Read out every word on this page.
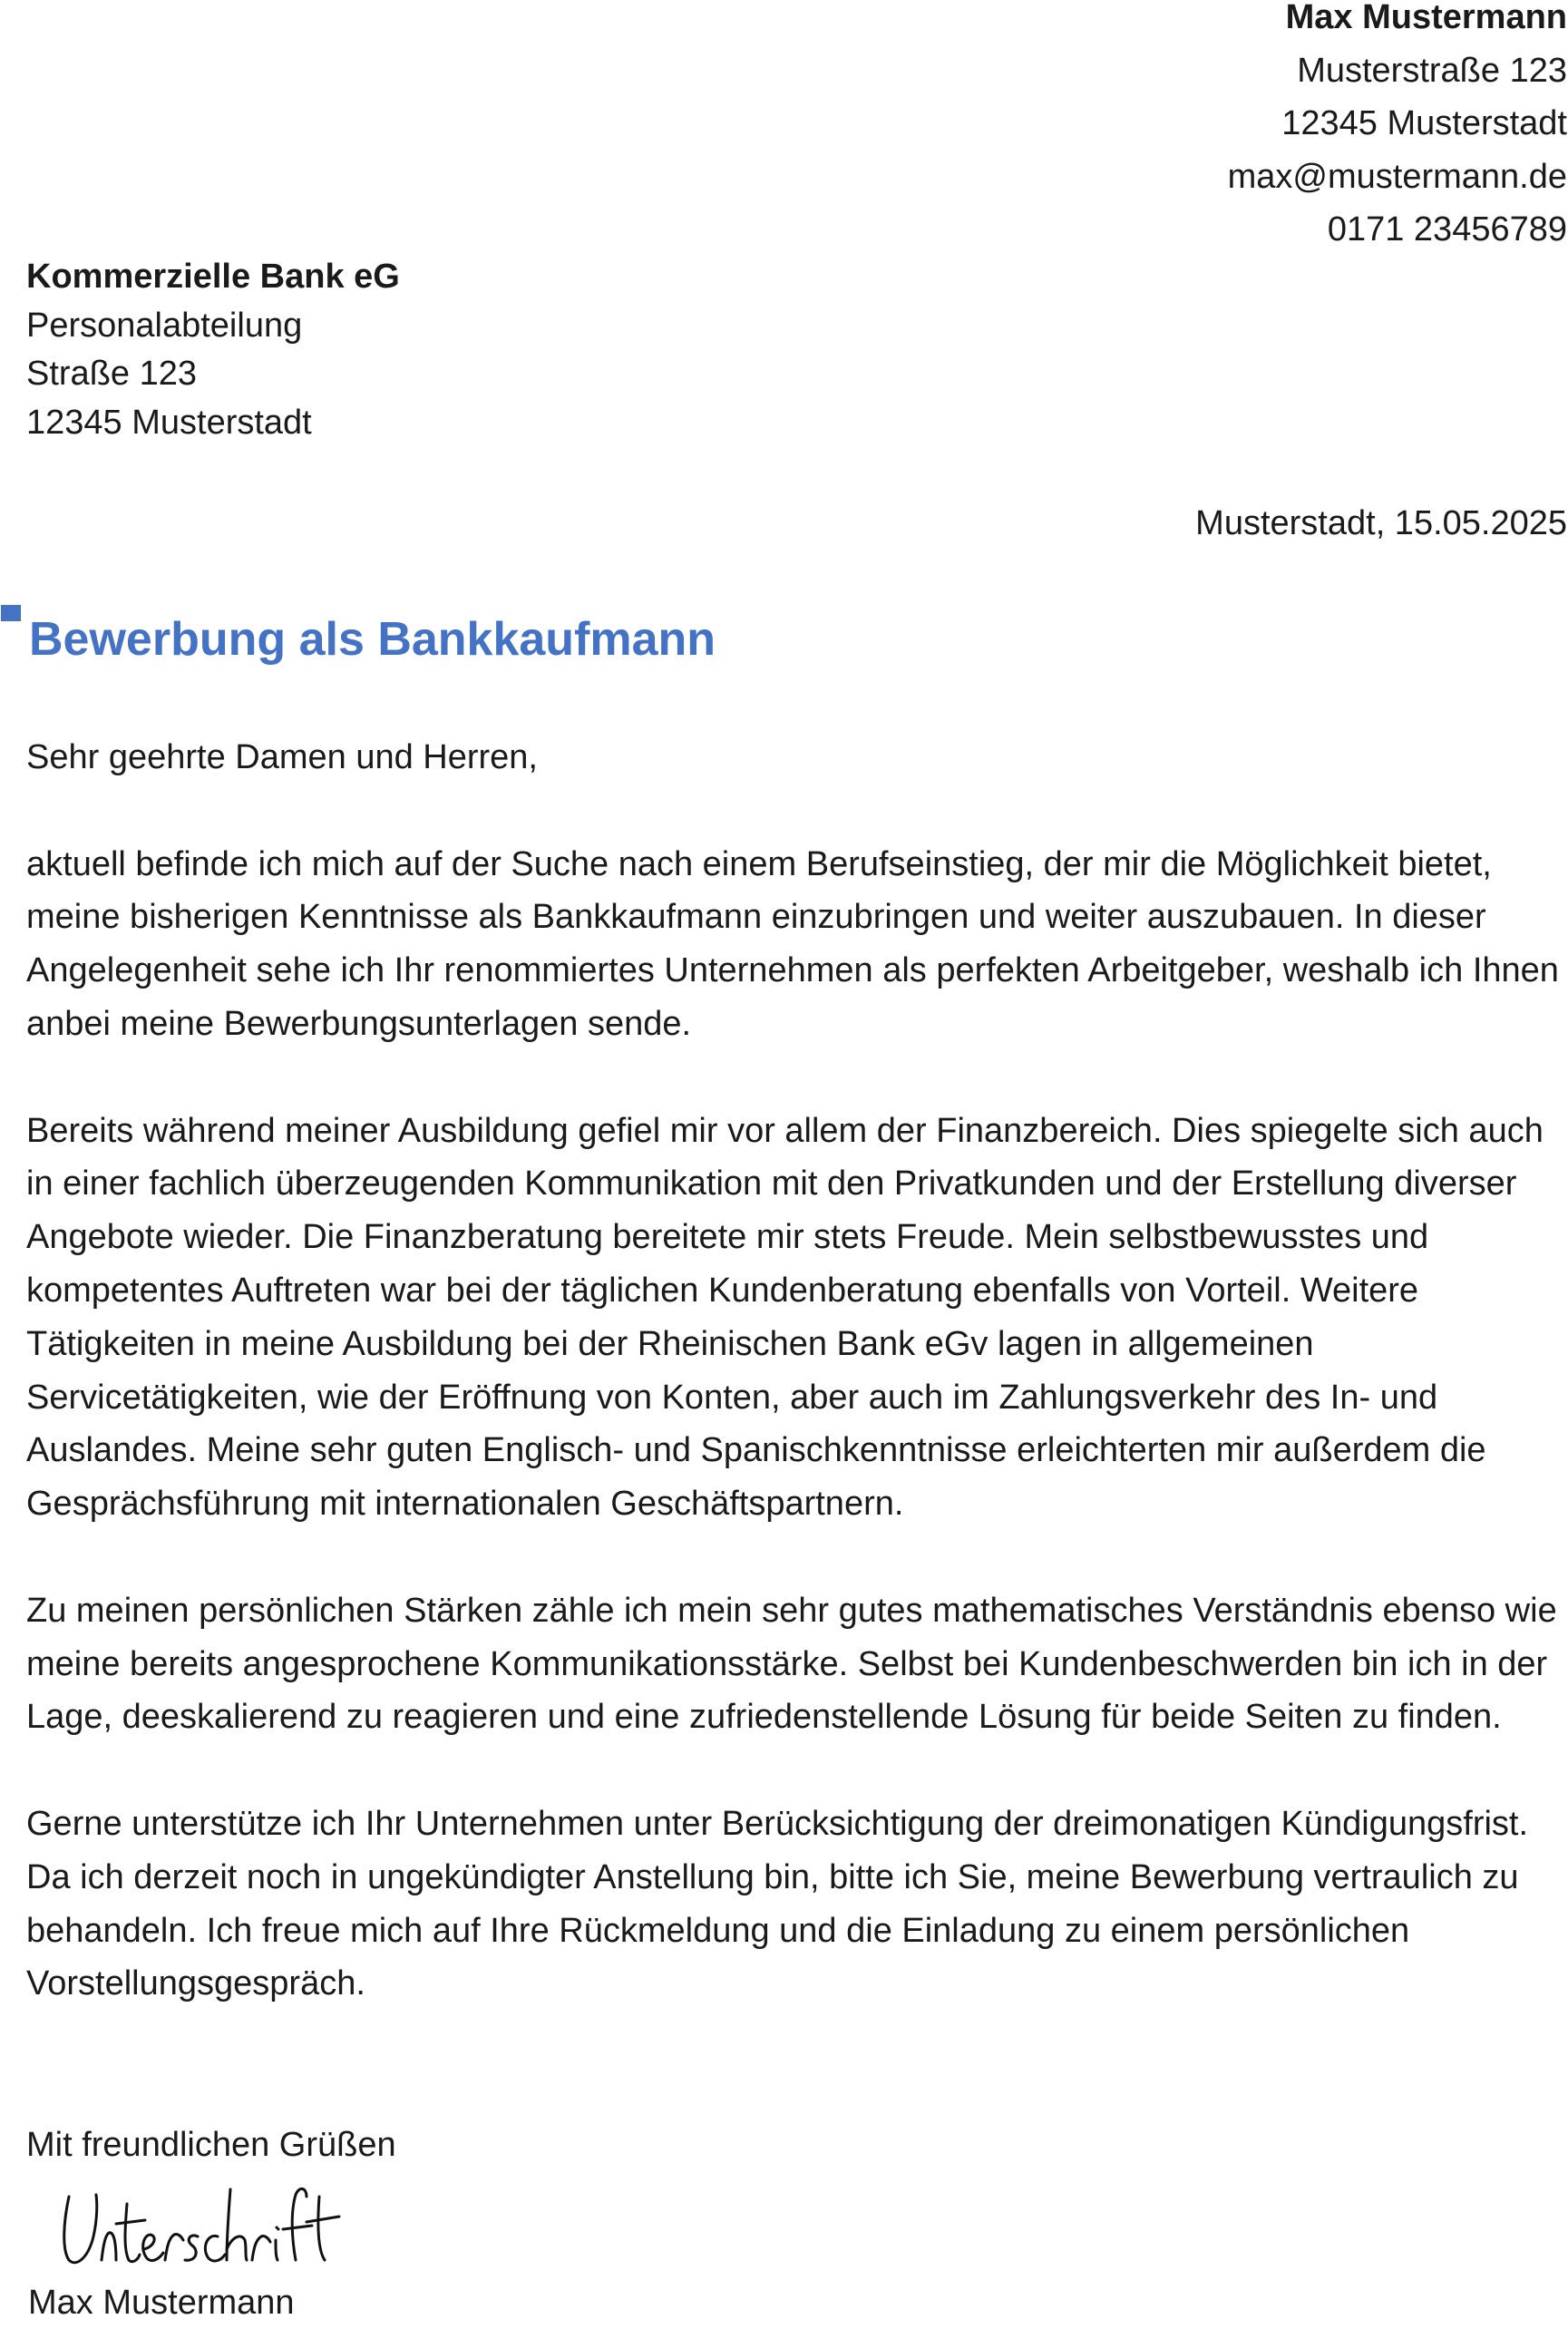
Max Mustermann
Musterstraße 123
12345 Musterstadt
max@mustermann.de
0171 23456789
Kommerzielle Bank eG
Personalabteilung
Straße 123
12345 Musterstadt
Musterstadt, 15.05.2025
Bewerbung als Bankkaufmann

Sehr geehrte Damen und Herren,

aktuell befinde ich mich auf der Suche nach einem Berufseinstieg, der mir die Möglichkeit bietet, meine bisherigen Kenntnisse als Bankkaufmann einzubringen und weiter auszubauen. In dieser Angelegenheit sehe ich Ihr renommiertes Unternehmen als perfekten Arbeitgeber, weshalb ich Ihnen anbei meine Bewerbungsunterlagen sende.

Bereits während meiner Ausbildung gefiel mir vor allem der Finanzbereich. Dies spiegelte sich auch in einer fachlich überzeugenden Kommunikation mit den Privatkunden und der Erstellung diverser Angebote wieder. Die Finanzberatung bereitete mir stets Freude. Mein selbstbewusstes und kompetentes Auftreten war bei der täglichen Kundenberatung ebenfalls von Vorteil. Weitere Tätigkeiten in meine Ausbildung bei der Rheinischen Bank eGv lagen in allgemeinen Servicetätigkeiten, wie der Eröffnung von Konten, aber auch im Zahlungsverkehr des In- und Auslandes. Meine sehr guten Englisch- und Spanischkenntnisse erleichterten mir außerdem die Gesprächsführung mit internationalen Geschäftspartnern.

Zu meinen persönlichen Stärken zähle ich mein sehr gutes mathematisches Verständnis ebenso wie meine bereits angesprochene Kommunikationsstärke. Selbst bei Kundenbeschwerden bin ich in der Lage, deeskalierend zu reagieren und eine zufriedenstellende Lösung für beide Seiten zu finden.

Gerne unterstütze ich Ihr Unternehmen unter Berücksichtigung der dreimonatigen Kündigungsfrist. Da ich derzeit noch in ungekündigter Anstellung bin, bitte ich Sie, meine Bewerbung vertraulich zu behandeln. Ich freue mich auf Ihre Rückmeldung und die Einladung zu einem persönlichen Vorstellungsgespräch.

Mit freundlichen Grüßen
Max Mustermann
